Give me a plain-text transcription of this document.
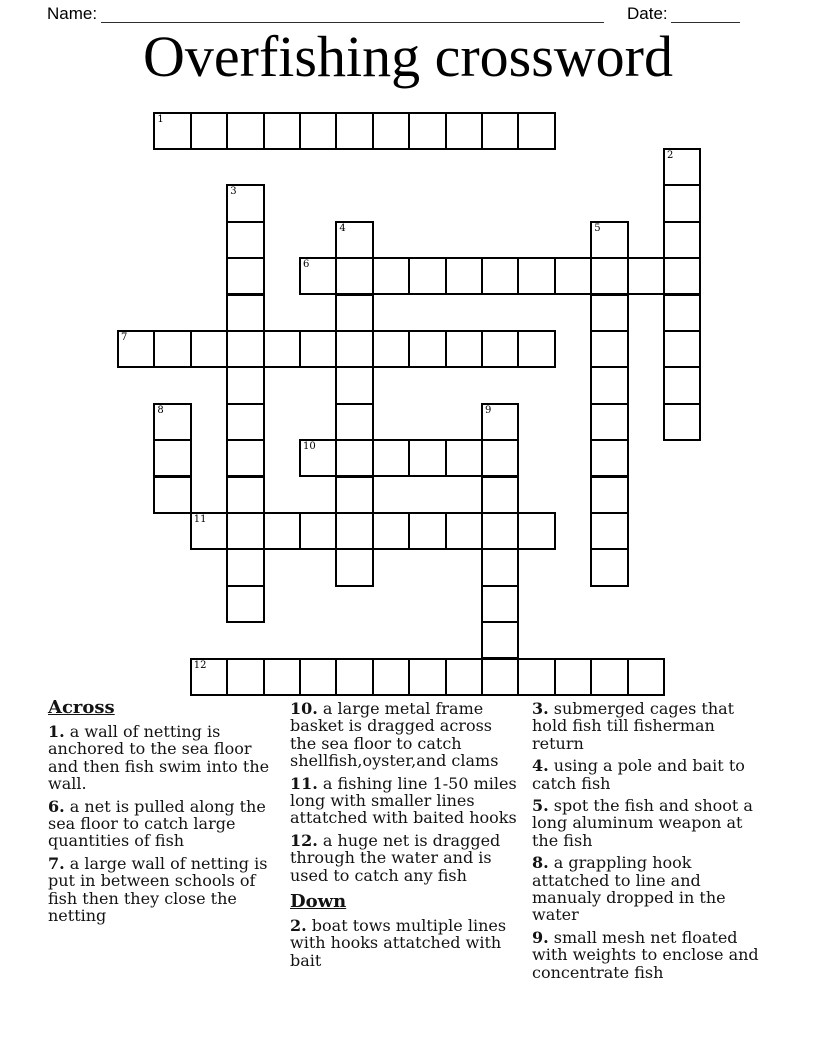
Name:	Date:
Overfishing crossword
1
2
3
4	5
6
7
8	9
10
11
12
Across

1. a wall of netting is anchored to the sea floor and then fish swim into the wall.

6. a net is pulled along the sea floor to catch large quantities of fish

7. a large wall of netting is put in between schools of fish then they close the netting

10. a large metal frame basket is dragged across the sea floor to catch shellfish,oyster,and clams

11. a fishing line 1-50 miles long with smaller lines attatched with baited hooks

12. a huge net is dragged through the water and is used to catch any fish

Down

2. boat tows multiple lines with hooks attatched with bait

3. submerged cages that hold fish till fisherman return

4. using a pole and bait to catch fish

5. spot the fish and shoot a long aluminum weapon at the fish

8. a grappling hook attatched to line and manualy dropped in the water

9. small mesh net floated with weights to enclose and concentrate fish
